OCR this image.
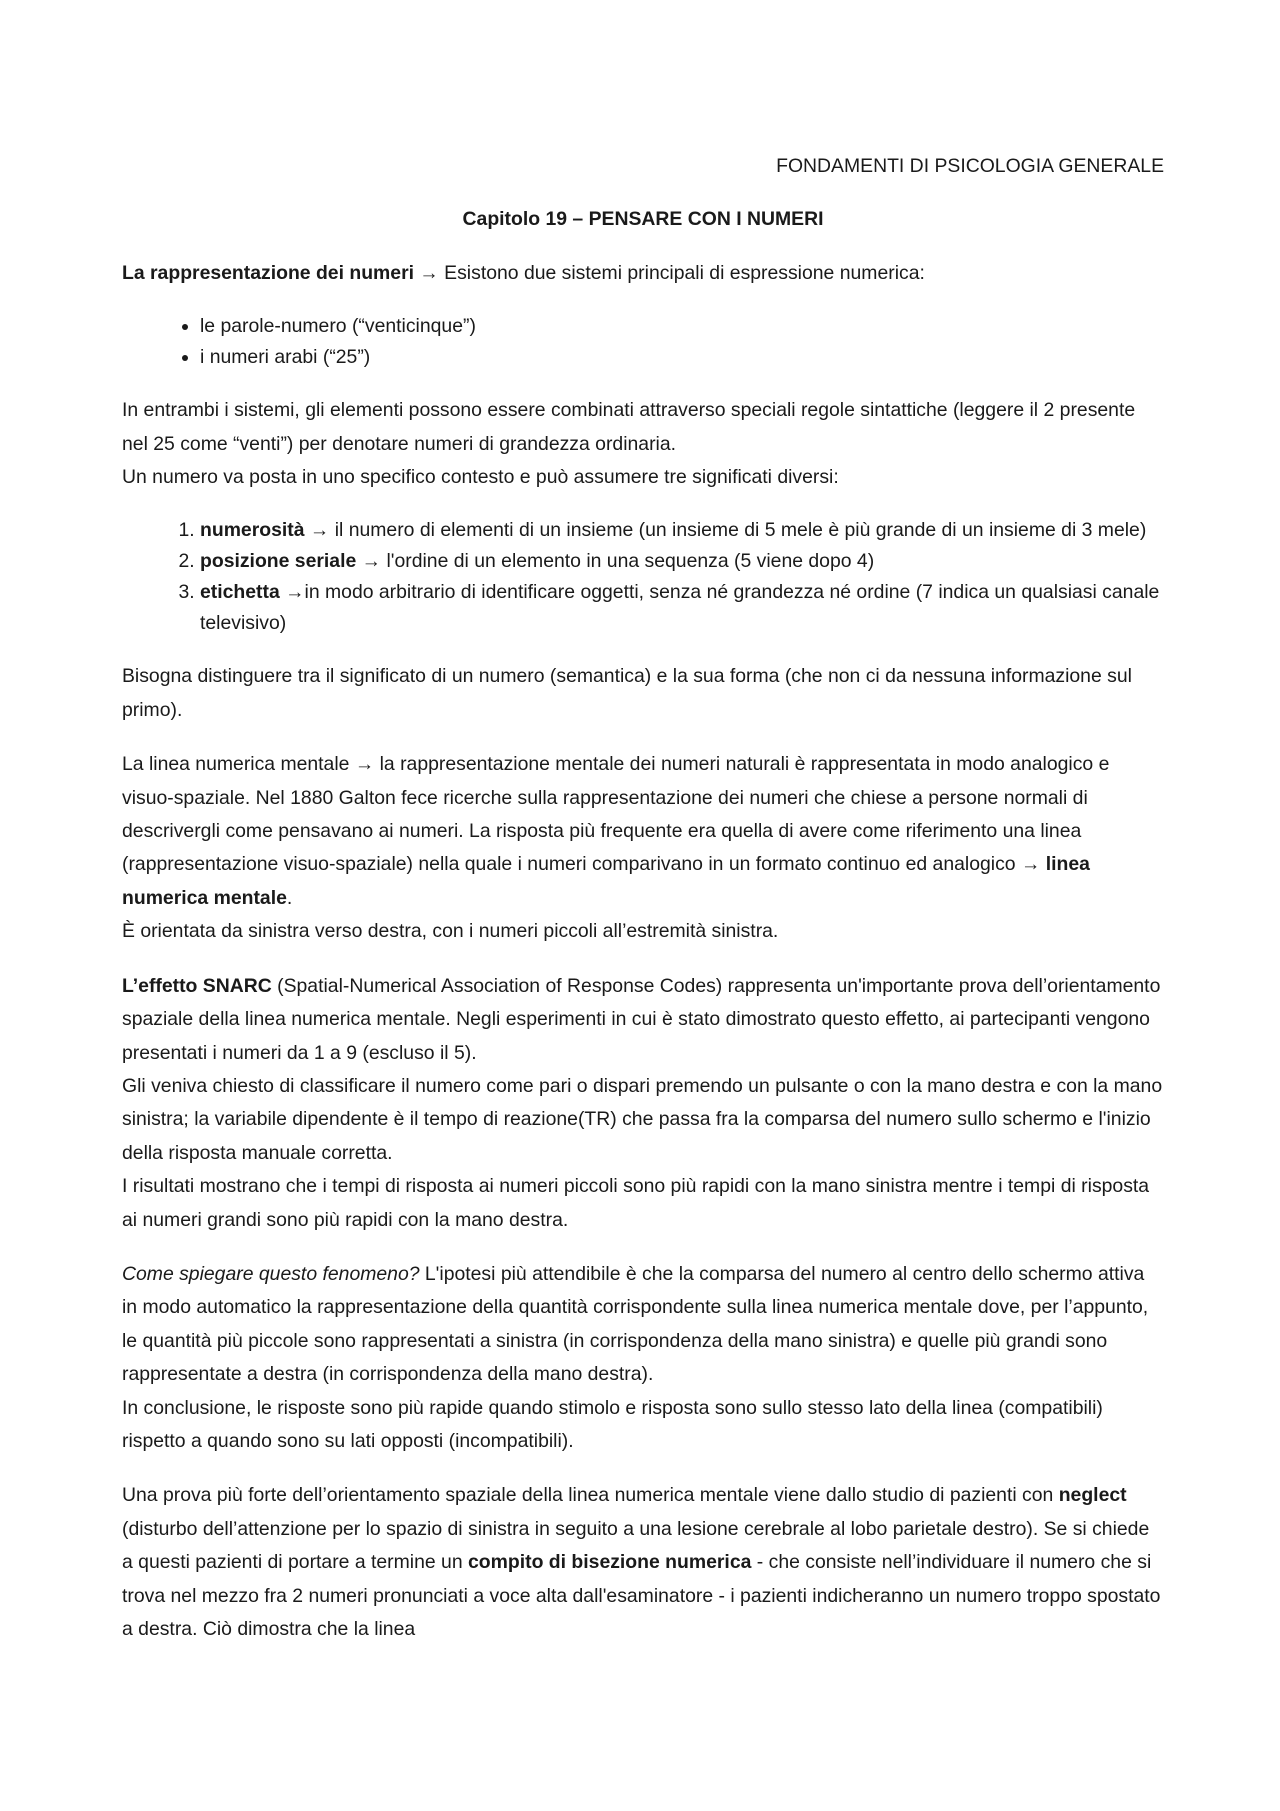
FONDAMENTI DI PSICOLOGIA GENERALE
Capitolo 19 – PENSARE CON I NUMERI

La rappresentazione dei numeri → Esistono due sistemi principali di espressione numerica:

• le parole-numero (“venticinque”)
• i numeri arabi (“25”)

In entrambi i sistemi, gli elementi possono essere combinati attraverso speciali regole sintattiche (leggere il 2 presente nel 25 come “venti”) per denotare numeri di grandezza ordinaria.
Un numero va posta in uno specifico contesto e può assumere tre significati diversi:

1. numerosità → il numero di elementi di un insieme (un insieme di 5 mele è più grande di un insieme di 3 mele)
2. posizione seriale → l'ordine di un elemento in una sequenza (5 viene dopo 4)
3. etichetta →in modo arbitrario di identificare oggetti, senza né grandezza né ordine (7 indica un qualsiasi canale televisivo)

Bisogna distinguere tra il significato di un numero (semantica) e la sua forma (che non ci da nessuna informazione sul primo).

La linea numerica mentale → la rappresentazione mentale dei numeri naturali è rappresentata in modo analogico e visuo-spaziale. Nel 1880 Galton fece ricerche sulla rappresentazione dei numeri che chiese a persone normali di descrivergli come pensavano ai numeri. La risposta più frequente era quella di avere come riferimento una linea (rappresentazione visuo-spaziale) nella quale i numeri comparivano in un formato continuo ed analogico → linea numerica mentale.
È orientata da sinistra verso destra, con i numeri piccoli all’estremità sinistra.

L’effetto SNARC (Spatial-Numerical Association of Response Codes) rappresenta un'importante prova dell’orientamento spaziale della linea numerica mentale. Negli esperimenti in cui è stato dimostrato questo effetto, ai partecipanti vengono presentati i numeri da 1 a 9 (escluso il 5).
Gli veniva chiesto di classificare il numero come pari o dispari premendo un pulsante o con la mano destra e con la mano sinistra; la variabile dipendente è il tempo di reazione(TR) che passa fra la comparsa del numero sullo schermo e l'inizio della risposta manuale corretta.
I risultati mostrano che i tempi di risposta ai numeri piccoli sono più rapidi con la mano sinistra mentre i tempi di risposta ai numeri grandi sono più rapidi con la mano destra.

Come spiegare questo fenomeno? L'ipotesi più attendibile è che la comparsa del numero al centro dello schermo attiva in modo automatico la rappresentazione della quantità corrispondente sulla linea numerica mentale dove, per l’appunto, le quantità più piccole sono rappresentati a sinistra (in corrispondenza della mano sinistra) e quelle più grandi sono rappresentate a destra (in corrispondenza della mano destra).
In conclusione, le risposte sono più rapide quando stimolo e risposta sono sullo stesso lato della linea (compatibili) rispetto a quando sono su lati opposti (incompatibili).

Una prova più forte dell’orientamento spaziale della linea numerica mentale viene dallo studio di pazienti con neglect (disturbo dell’attenzione per lo spazio di sinistra in seguito a una lesione cerebrale al lobo parietale destro). Se si chiede a questi pazienti di portare a termine un compito di bisezione numerica - che consiste nell’individuare il numero che si trova nel mezzo fra 2 numeri pronunciati a voce alta dall'esaminatore - i pazienti indicheranno un numero troppo spostato a destra. Ciò dimostra che la linea
